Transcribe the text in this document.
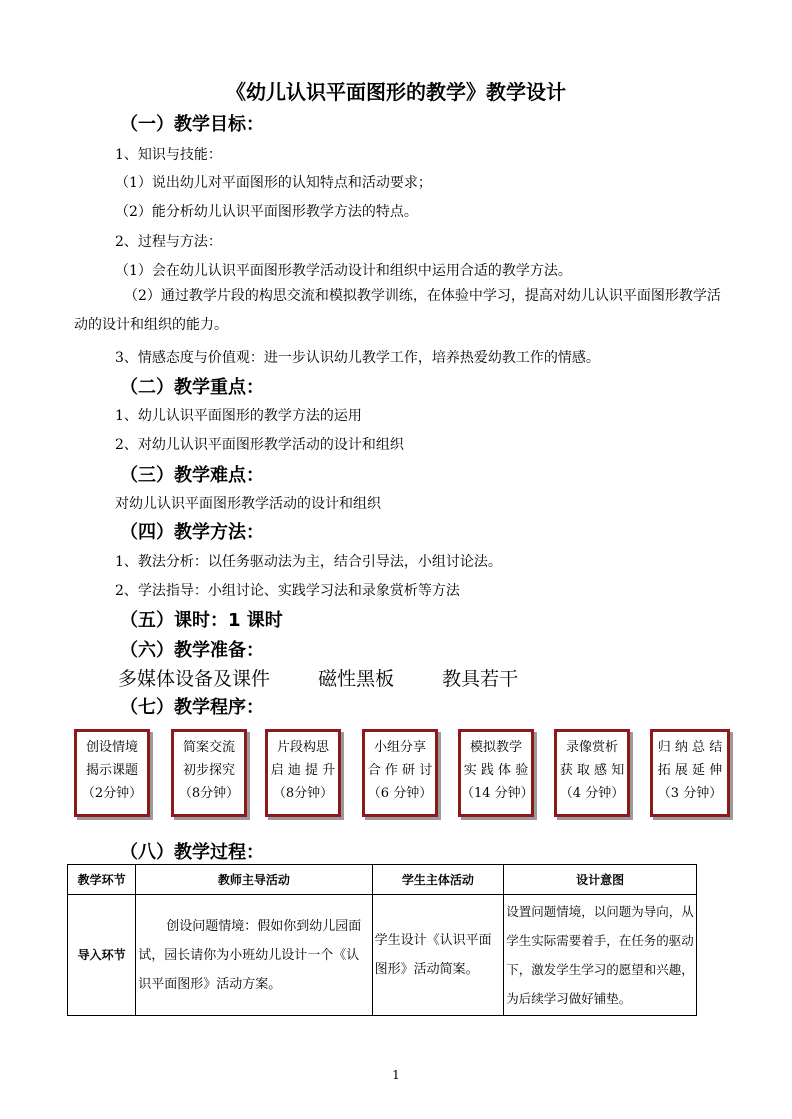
《幼儿认识平面图形的教学》教学设计
（一）教学目标：
1、知识与技能：
（1）说出幼儿对平面图形的认知特点和活动要求；
（2）能分析幼儿认识平面图形教学方法的特点。
2、过程与方法：
（1）会在幼儿认识平面图形教学活动设计和组织中运用合适的教学方法。
（2）通过教学片段的构思交流和模拟教学训练，在体验中学习，提高对幼儿认识平面图形教学活动的设计和组织的能力。
3、情感态度与价值观：进一步认识幼儿教学工作，培养热爱幼教工作的情感。
（二）教学重点：
1、幼儿认识平面图形的教学方法的运用
2、对幼儿认识平面图形教学活动的设计和组织
（三）教学难点：
对幼儿认识平面图形教学活动的设计和组织
（四）教学方法：
1、教法分析：以任务驱动法为主，结合引导法，小组讨论法。
2、学法指导：小组讨论、实践学习法和录象赏析等方法
（五）课时：1 课时
（六）教学准备：
多媒体设备及课件	磁性黑板	教具若干
（七）教学程序：
创设情境
揭示课题
（2分钟）
简案交流
初步探究
（8分钟）
片段构思
启 迪 提 升
（8分钟）
小组分享
合 作 研 讨
（6 分钟）
模拟教学
实 践 体 验
（14 分钟）
录像赏析
获 取 感 知
（4 分钟）
归 纳 总 结
拓 展 延 伸
（3 分钟）
（八）教学过程：
教学环节	教师主导活动	学生主体活动	设计意图
导入环节	创设问题情境：假如你到幼儿园面试，园长请你为小班幼儿设计一个《认识平面图形》活动方案。	学生设计《认识平面图形》活动简案。	设置问题情境，以问题为导向，从学生实际需要着手，在任务的驱动下，激发学生学习的愿望和兴趣，为后续学习做好铺垫。
1
